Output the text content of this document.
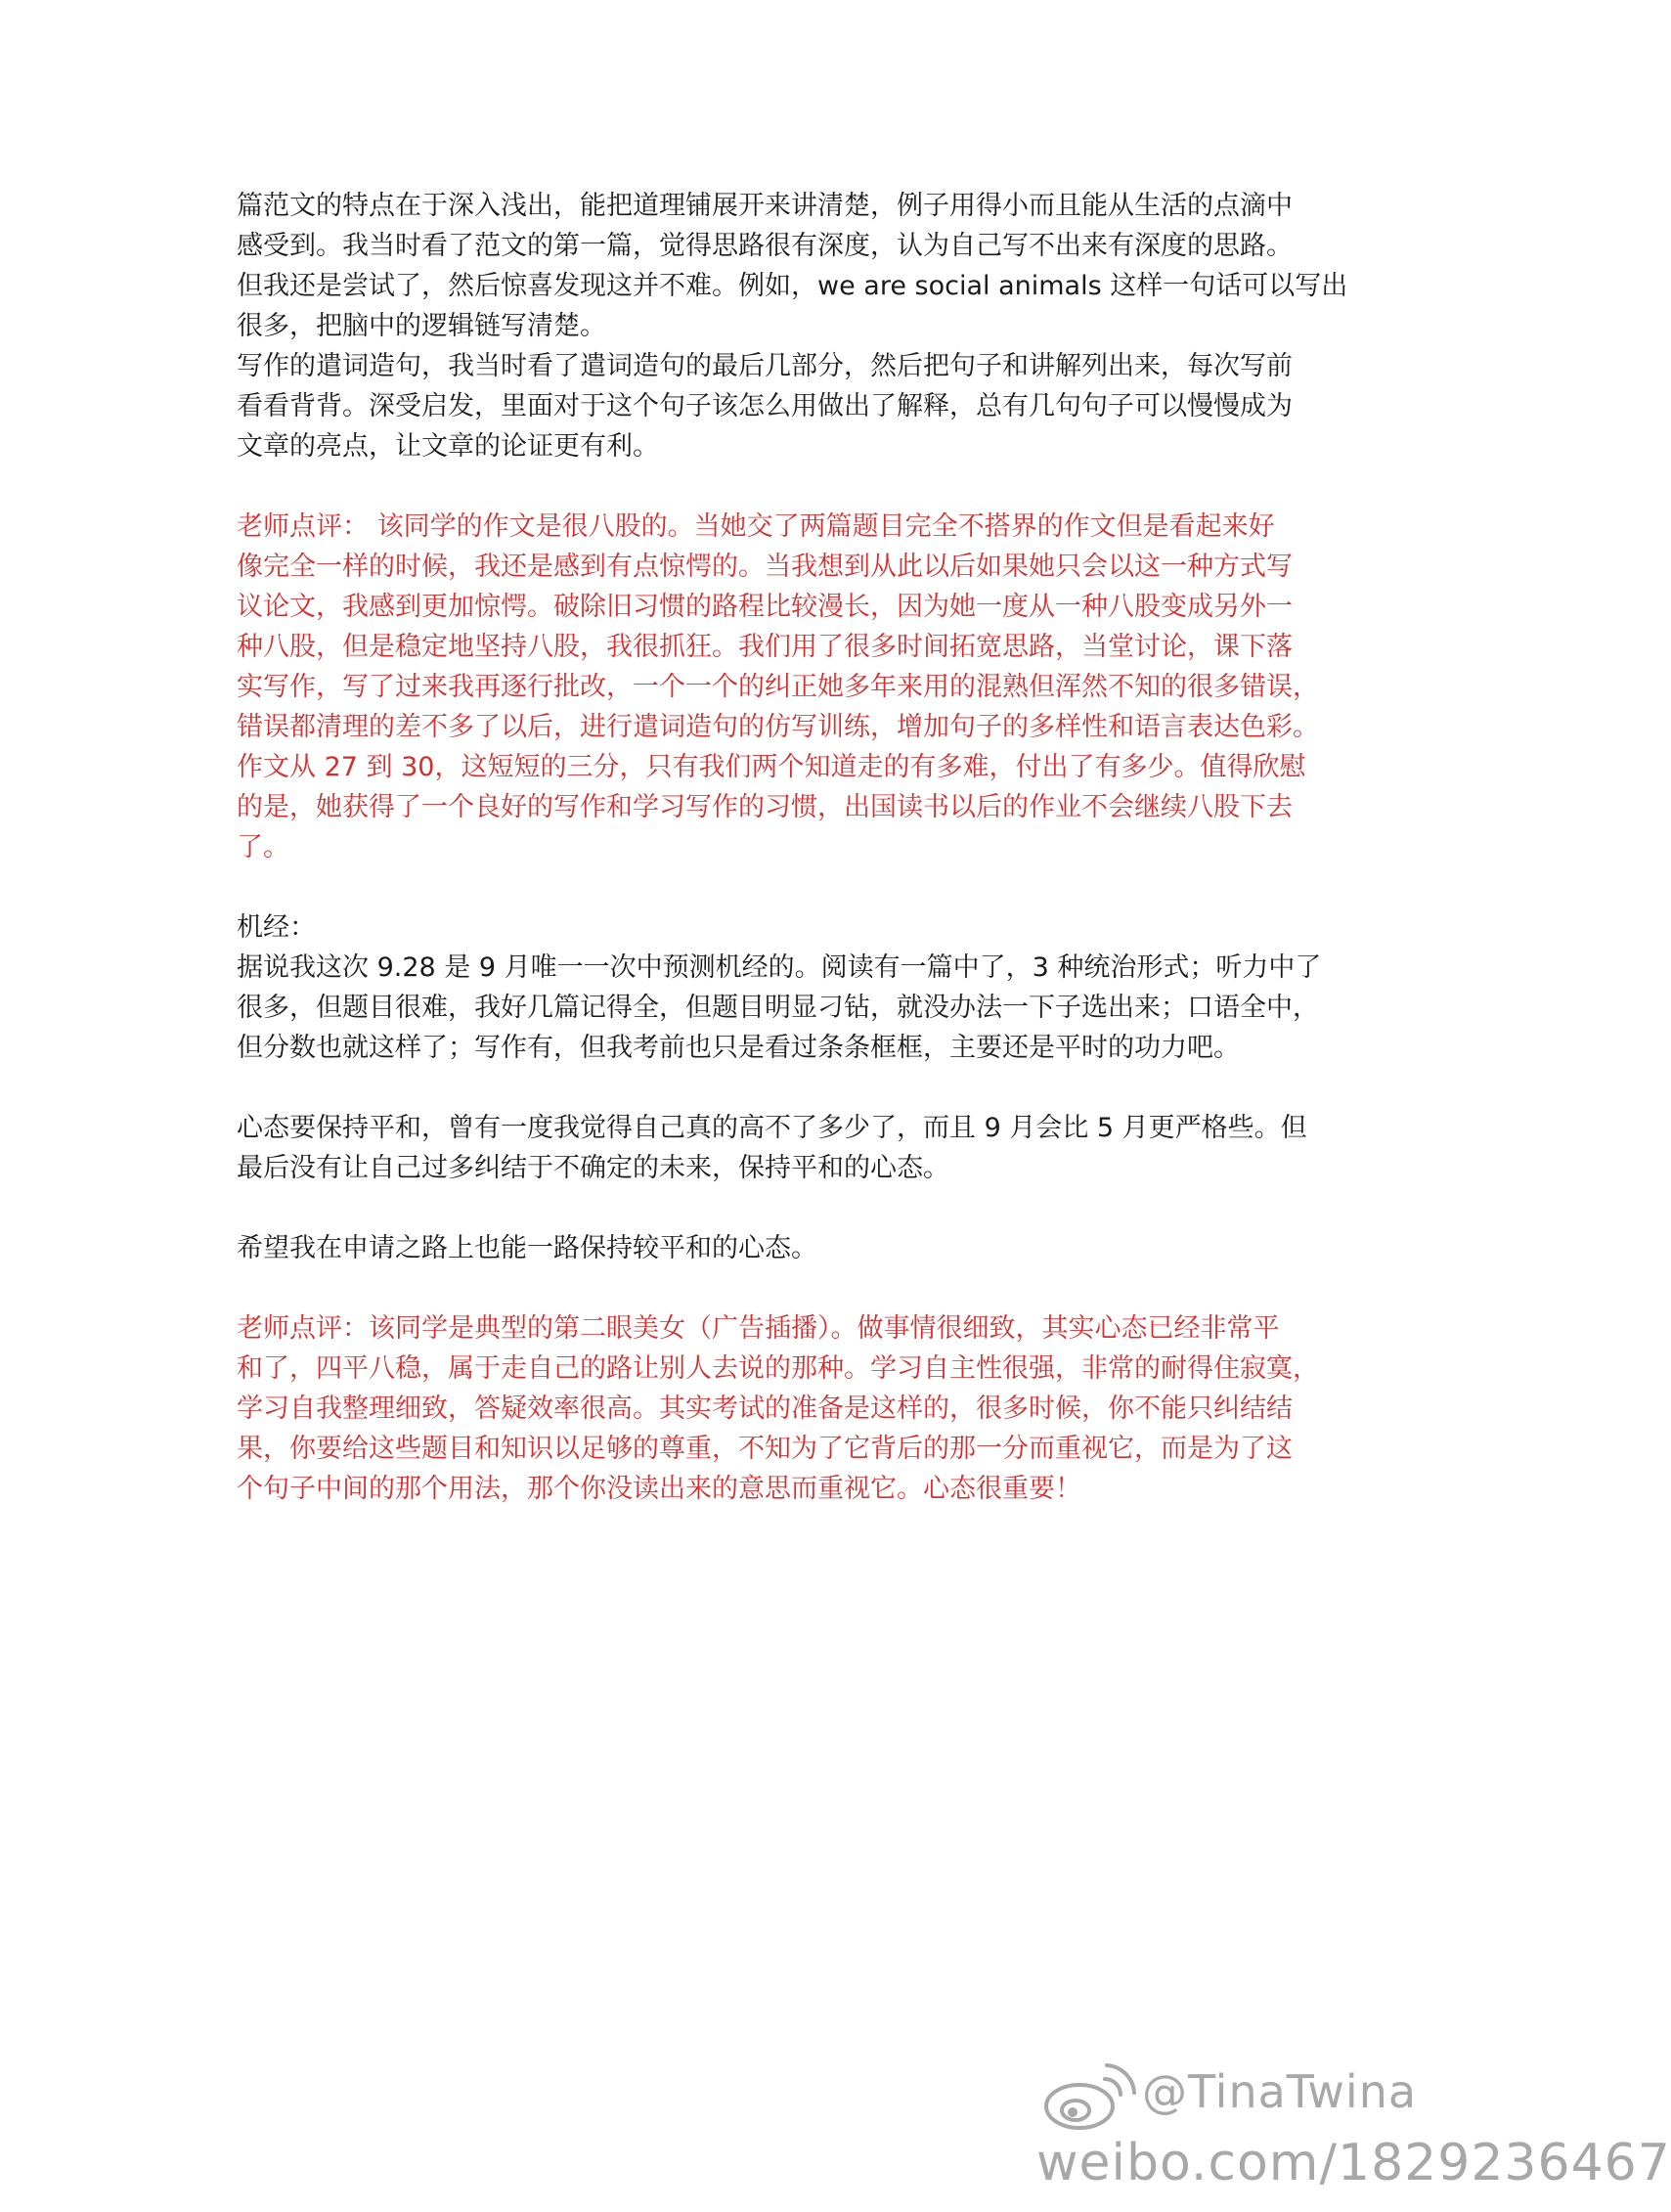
篇范文的特点在于深入浅出，能把道理铺展开来讲清楚，例子用得小而且能从生活的点滴中
感受到。我当时看了范文的第一篇，觉得思路很有深度，认为自己写不出来有深度的思路。
但我还是尝试了，然后惊喜发现这并不难。例如，we are social animals 这样一句话可以写出
很多，把脑中的逻辑链写清楚。
写作的遣词造句，我当时看了遣词造句的最后几部分，然后把句子和讲解列出来，每次写前
看看背背。深受启发，里面对于这个句子该怎么用做出了解释，总有几句句子可以慢慢成为
文章的亮点，让文章的论证更有利。

老师点评： 该同学的作文是很八股的。当她交了两篇题目完全不搭界的作文但是看起来好
像完全一样的时候，我还是感到有点惊愕的。当我想到从此以后如果她只会以这一种方式写
议论文，我感到更加惊愕。破除旧习惯的路程比较漫长，因为她一度从一种八股变成另外一
种八股，但是稳定地坚持八股，我很抓狂。我们用了很多时间拓宽思路，当堂讨论，课下落
实写作，写了过来我再逐行批改，一个一个的纠正她多年来用的混熟但浑然不知的很多错误，
错误都清理的差不多了以后，进行遣词造句的仿写训练，增加句子的多样性和语言表达色彩。
作文从 27 到 30，这短短的三分，只有我们两个知道走的有多难，付出了有多少。值得欣慰
的是，她获得了一个良好的写作和学习写作的习惯，出国读书以后的作业不会继续八股下去
了。

机经：
据说我这次 9.28 是 9 月唯一一次中预测机经的。阅读有一篇中了，3 种统治形式；听力中了
很多，但题目很难，我好几篇记得全，但题目明显刁钻，就没办法一下子选出来；口语全中，
但分数也就这样了；写作有，但我考前也只是看过条条框框，主要还是平时的功力吧。

心态要保持平和，曾有一度我觉得自己真的高不了多少了，而且 9 月会比 5 月更严格些。但
最后没有让自己过多纠结于不确定的未来，保持平和的心态。

希望我在申请之路上也能一路保持较平和的心态。

老师点评：该同学是典型的第二眼美女（广告插播）。做事情很细致，其实心态已经非常平
和了，四平八稳，属于走自己的路让别人去说的那种。学习自主性很强，非常的耐得住寂寞，
学习自我整理细致，答疑效率很高。其实考试的准备是这样的，很多时候，你不能只纠结结
果，你要给这些题目和知识以足够的尊重，不知为了它背后的那一分而重视它，而是为了这
个句子中间的那个用法，那个你没读出来的意思而重视它。心态很重要！

@TinaTwina
weibo.com/1829236467
